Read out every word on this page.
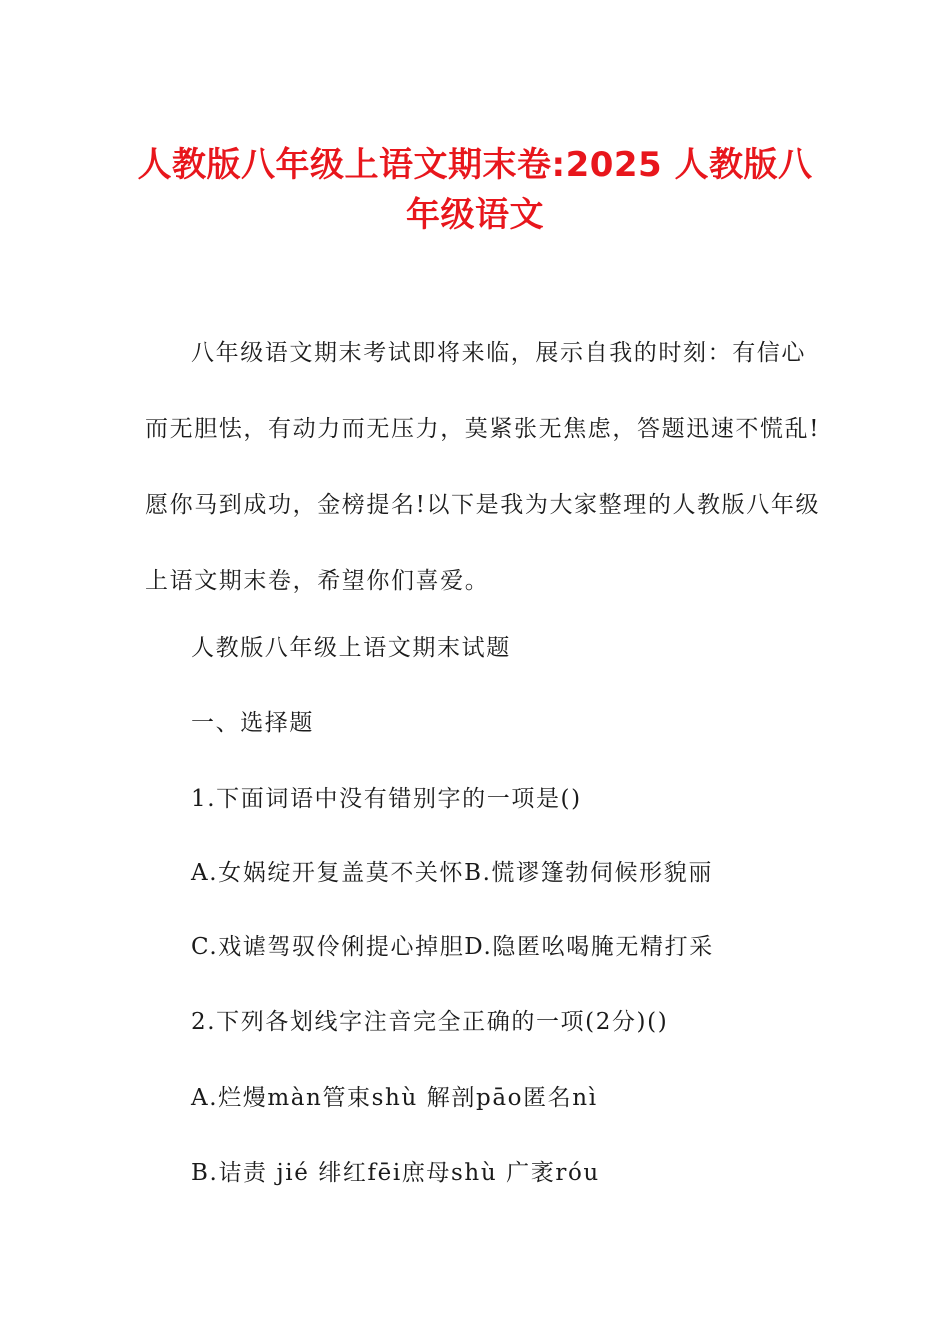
人教版八年级上语文期末卷:2025 人教版八
年级语文
八年级语文期末考试即将来临，展示自我的时刻：有信心
而无胆怯，有动力而无压力，莫紧张无焦虑，答题迅速不慌乱!
愿你马到成功，金榜提名!以下是我为大家整理的人教版八年级
上语文期末卷，希望你们喜爱。
人教版八年级上语文期末试题
一、选择题
1.下面词语中没有错别字的一项是()
A.女娲绽开复盖莫不关怀B.慌谬篷勃伺候形貌丽
C.戏谑驾驭伶俐提心掉胆D.隐匿吆喝腌无精打采
2.下列各划线字注音完全正确的一项(2分)()
A.烂熳màn管束shù 解剖pāo匿名nì
B.诘责 jié 绯红fēi庶母shù 广袤róu
